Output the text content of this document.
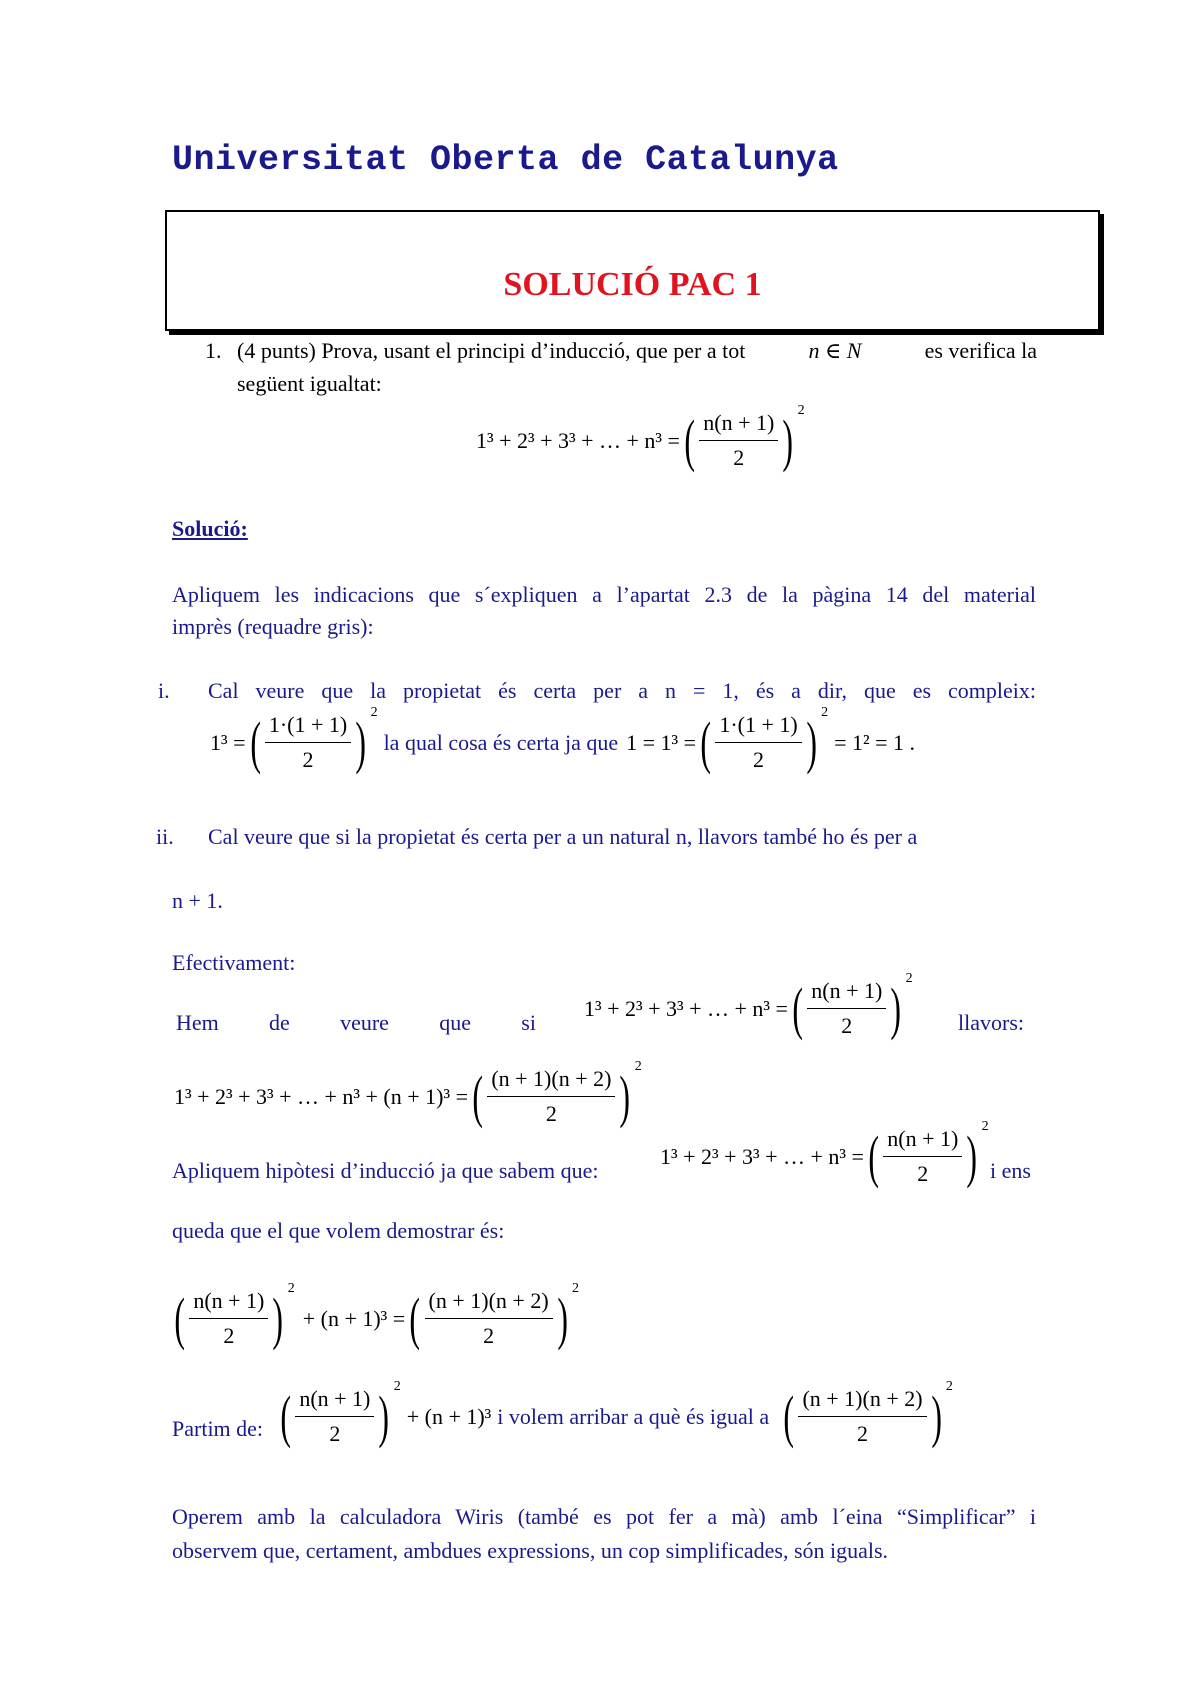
Universitat Oberta de Catalunya
SOLUCIÓ PAC 1
1. (4 punts) Prova, usant el principi d’inducció, que per a tot	n ∈ N	es verifica la
següent igualtat:
1³ + 2³ + 3³ + … + n³ = ( $\frac{n(n + 1)}{2}$ ) 2
Solució:
Apliquem les indicacions que s´expliquen a l’apartat 2.3 de la pàgina 14 del material
imprès (requadre gris):
i. Cal veure que la propietat és certa per a n = 1, és a dir, que es compleix:
1³ = ( $\frac{1\cdot(1 + 1)}{2}$ ) 2
la qual cosa és certa ja que 1 = 1³ = ( $\frac{1\cdot(1 + 1)}{2}$ ) 2
= 1² = 1 .
ii. Cal veure que si la propietat és certa per a un natural n, llavors també ho és per a
n + 1.
Efectivament:
Hem de veure que si
1³ + 2³ + 3³ + … + n³ = ( $\frac{n(n + 1)}{2}$ ) 2
llavors:
1³ + 2³ + 3³ + … + n³ + (n + 1)³ = ( $\frac{(n + 1)(n + 2)}{2}$ ) 2
Apliquem hipòtesi d’inducció ja que sabem que:
1³ + 2³ + 3³ + … + n³ = ( $\frac{n(n + 1)}{2}$ ) 2
i ens
queda que el que volem demostrar és:
( $\frac{n(n + 1)}{2}$ ) 2
+ (n + 1)³ = ( $\frac{(n + 1)(n + 2)}{2}$ ) 2
Partim de: ( $\frac{n(n + 1)}{2}$ ) 2
+ (n + 1)³ i volem arribar a què és igual a ( $\frac{(n + 1)(n + 2)}{2}$ ) 2
Operem amb la calculadora Wiris (també es pot fer a mà) amb l´eina “Simplificar” i
observem que, certament, ambdues expressions, un cop simplificades, són iguals.
